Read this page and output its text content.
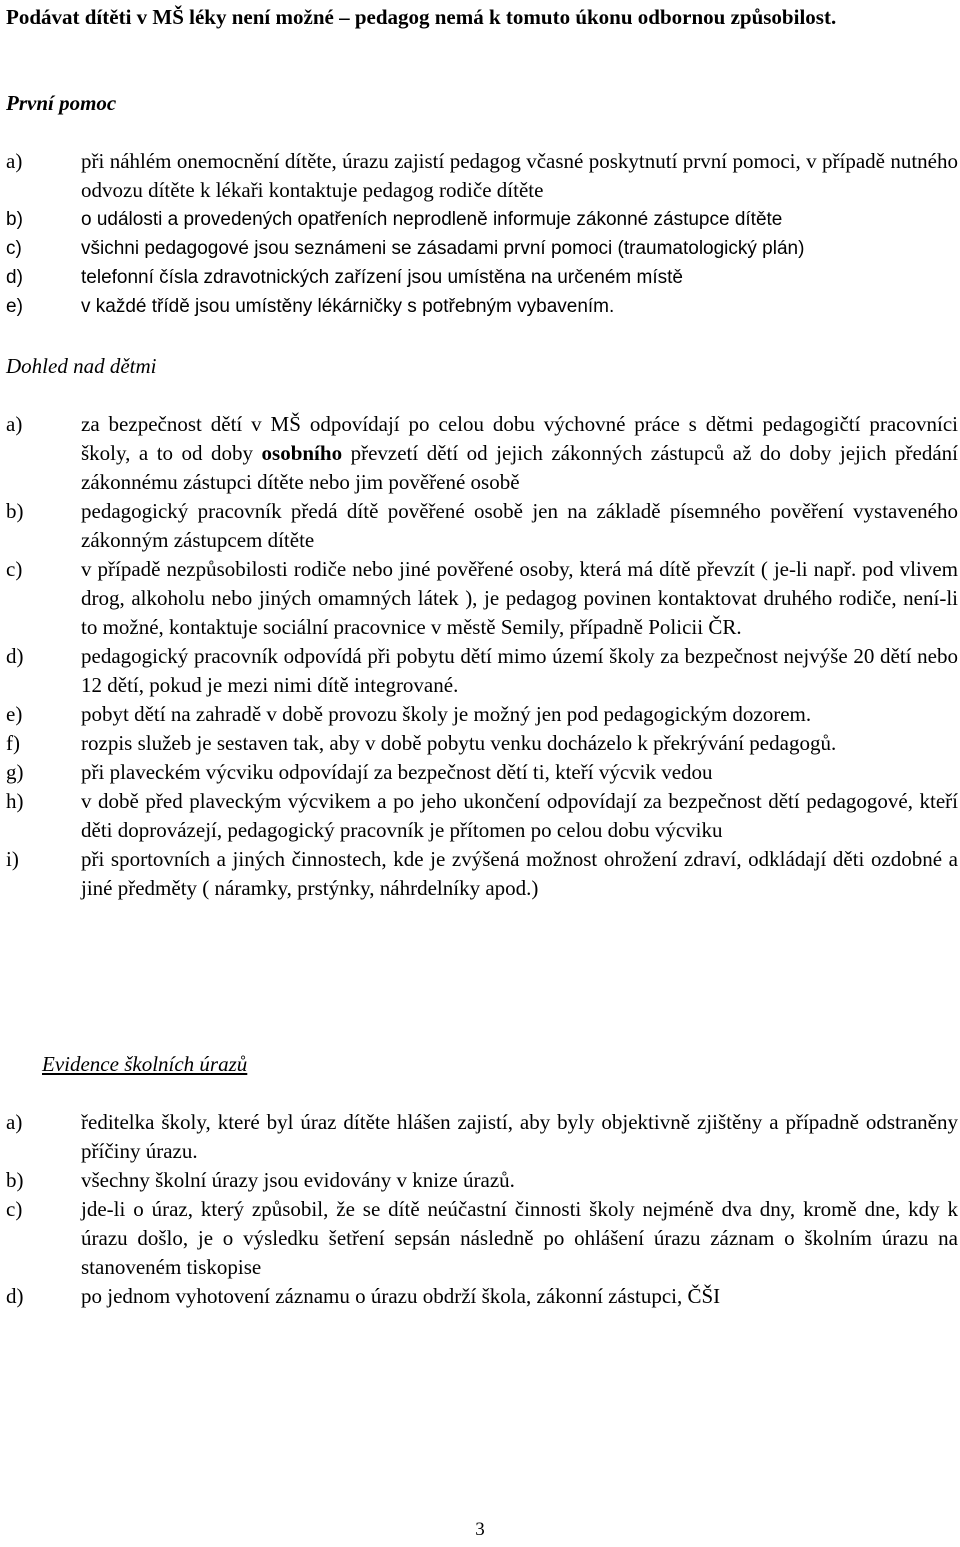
Podávat dítěti v MŠ léky není možné – pedagog nemá k tomuto úkonu odbornou způsobilost.

První pomoc
a)	při náhlém onemocnění dítěte, úrazu zajistí pedagog včasné poskytnutí první pomoci, v případě nutného odvozu dítěte k lékaři kontaktuje pedagog rodiče dítěte
b)	o události a provedených opatřeních neprodleně informuje zákonné zástupce dítěte
c)	všichni pedagogové jsou seznámeni se zásadami první pomoci (traumatologický plán)
d)	telefonní čísla zdravotnických zařízení jsou umístěna na určeném místě
e)	v každé třídě jsou umístěny lékárničky s potřebným vybavením.
Dohled nad dětmi
a)	za bezpečnost dětí v MŠ odpovídají po celou dobu výchovné práce s dětmi pedagogičtí pracovníci školy, a to od doby osobního převzetí dětí od jejich zákonných zástupců až do doby jejich předání zákonnému zástupci dítěte nebo jim pověřené osobě
b)	pedagogický pracovník předá dítě pověřené osobě jen na základě písemného pověření vystaveného zákonným zástupcem dítěte
c)	v případě nezpůsobilosti rodiče nebo jiné pověřené osoby, která má dítě převzít ( je-li např. pod vlivem drog, alkoholu nebo jiných omamných látek ), je pedagog povinen kontaktovat druhého rodiče, není-li to možné, kontaktuje sociální pracovnice v městě Semily, případně Policii ČR.
d)	pedagogický pracovník odpovídá při pobytu dětí mimo území školy za bezpečnost nejvýše 20 dětí nebo 12 dětí, pokud je mezi nimi dítě integrované.
e)	pobyt dětí na zahradě v době provozu školy je možný jen pod pedagogickým dozorem.
f)	rozpis služeb je sestaven tak, aby v době pobytu venku docházelo k překrývání pedagogů.
g)	při plaveckém výcviku odpovídají za bezpečnost dětí ti, kteří výcvik vedou
h)	v době před plaveckým výcvikem a po jeho ukončení odpovídají za bezpečnost dětí pedagogové, kteří děti doprovázejí, pedagogický pracovník je přítomen po celou dobu výcviku
i)	při sportovních a jiných činnostech, kde je zvýšená možnost ohrožení zdraví, odkládají děti ozdobné a jiné předměty ( náramky, prstýnky, náhrdelníky apod.)
Evidence školních úrazů
a)	ředitelka školy, které byl úraz dítěte hlášen zajistí, aby byly objektivně zjištěny a případně odstraněny příčiny úrazu.
b)	všechny školní úrazy jsou evidovány v knize úrazů.
c)	jde-li o úraz, který způsobil, že se dítě neúčastní činnosti školy nejméně dva dny, kromě dne, kdy k úrazu došlo, je o výsledku šetření sepsán následně po ohlášení úrazu záznam o školním úrazu na stanoveném tiskopise
d)	po jednom vyhotovení záznamu o úrazu obdrží škola, zákonní zástupci, ČŠI
3
